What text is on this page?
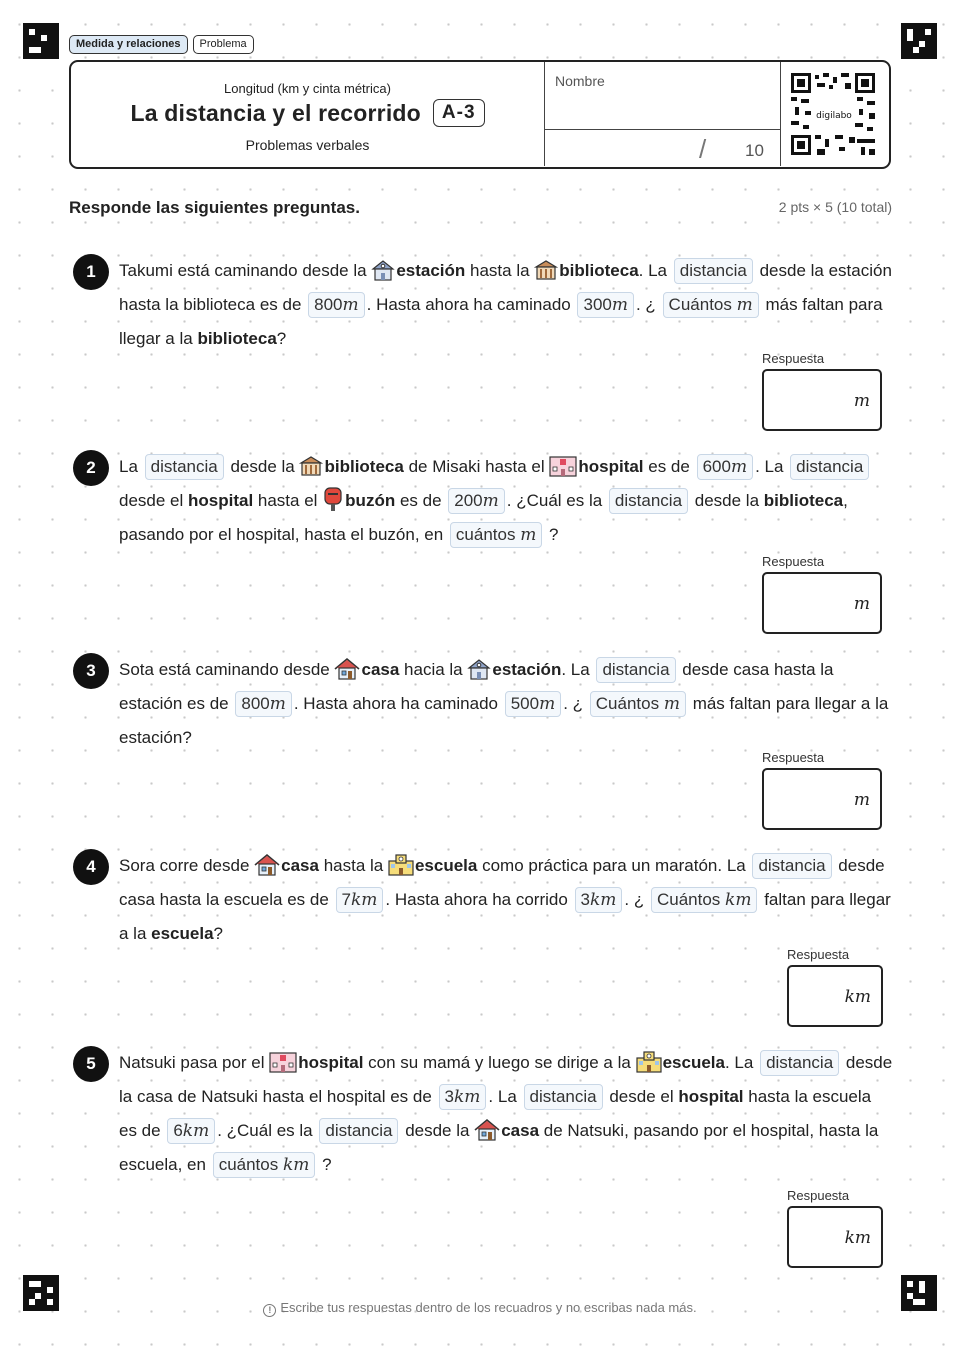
Medida y relaciones	Problema
Longitud (km y cinta métrica)
La distancia y el recorrido	A-3
Problemas verbales
Nombre
/ 10
digilabo
Responde las siguientes preguntas.	2 pts × 5 (10 total)
1	Takumi está caminando desde la estación hasta la biblioteca. La distancia desde la estación hasta la biblioteca es de 800m . Hasta ahora ha caminado 300m . ¿ Cuántos m más faltan para llegar a la biblioteca?
Respuesta
m
2	La distancia desde la biblioteca de Misaki hasta el hospital es de 600m . La distancia desde el hospital hasta el buzón es de 200m . ¿Cuál es la distancia desde la biblioteca, pasando por el hospital, hasta el buzón, en cuántos m ?
Respuesta
m
3	Sota está caminando desde casa hacia la estación. La distancia desde casa hasta la estación es de 800m . Hasta ahora ha caminado 500m . ¿ Cuántos m más faltan para llegar a la estación?
Respuesta
m
4	Sora corre desde casa hasta la escuela como práctica para un maratón. La distancia desde casa hasta la escuela es de 7km . Hasta ahora ha corrido 3km . ¿ Cuántos km faltan para llegar a la escuela?
Respuesta
km
5	Natsuki pasa por el hospital con su mamá y luego se dirige a la escuela. La distancia desde la casa de Natsuki hasta el hospital es de 3km . La distancia desde el hospital hasta la escuela es de 6km . ¿Cuál es la distancia desde la casa de Natsuki, pasando por el hospital, hasta la escuela, en cuántos km ?
Respuesta
km
! Escribe tus respuestas dentro de los recuadros y no escribas nada más.
